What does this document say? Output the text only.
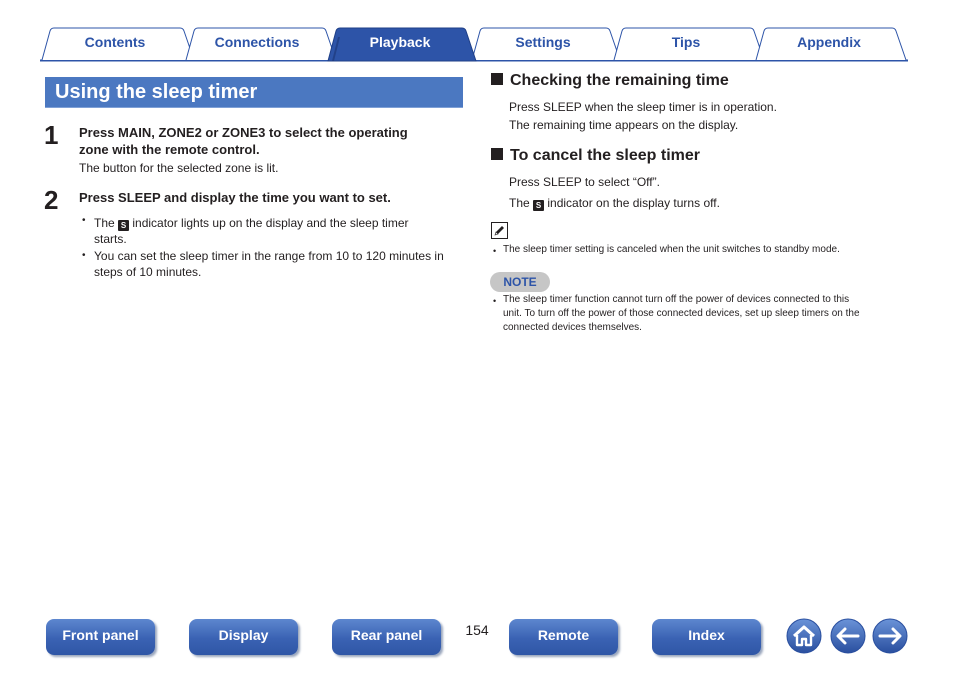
Contents	Connections	Playback	Settings	Tips	Appendix
Using the sleep timer
1 Press MAIN, ZONE2 or ZONE3 to select the operating
zone with the remote control.
The button for the selected zone is lit.
2 Press SLEEP and display the time you want to set.
• The S indicator lights up on the display and the sleep timer
starts.
• You can set the sleep timer in the range from 10 to 120 minutes in
steps of 10 minutes.
Checking the remaining time
Press SLEEP when the sleep timer is in operation.
The remaining time appears on the display.
To cancel the sleep timer
Press SLEEP to select “Off”.
The S indicator on the display turns off.
• The sleep timer setting is canceled when the unit switches to standby mode.
NOTE
• The sleep timer function cannot turn off the power of devices connected to this
unit. To turn off the power of those connected devices, set up sleep timers on the
connected devices themselves.
Front panel	Display	Rear panel	154	Remote	Index
